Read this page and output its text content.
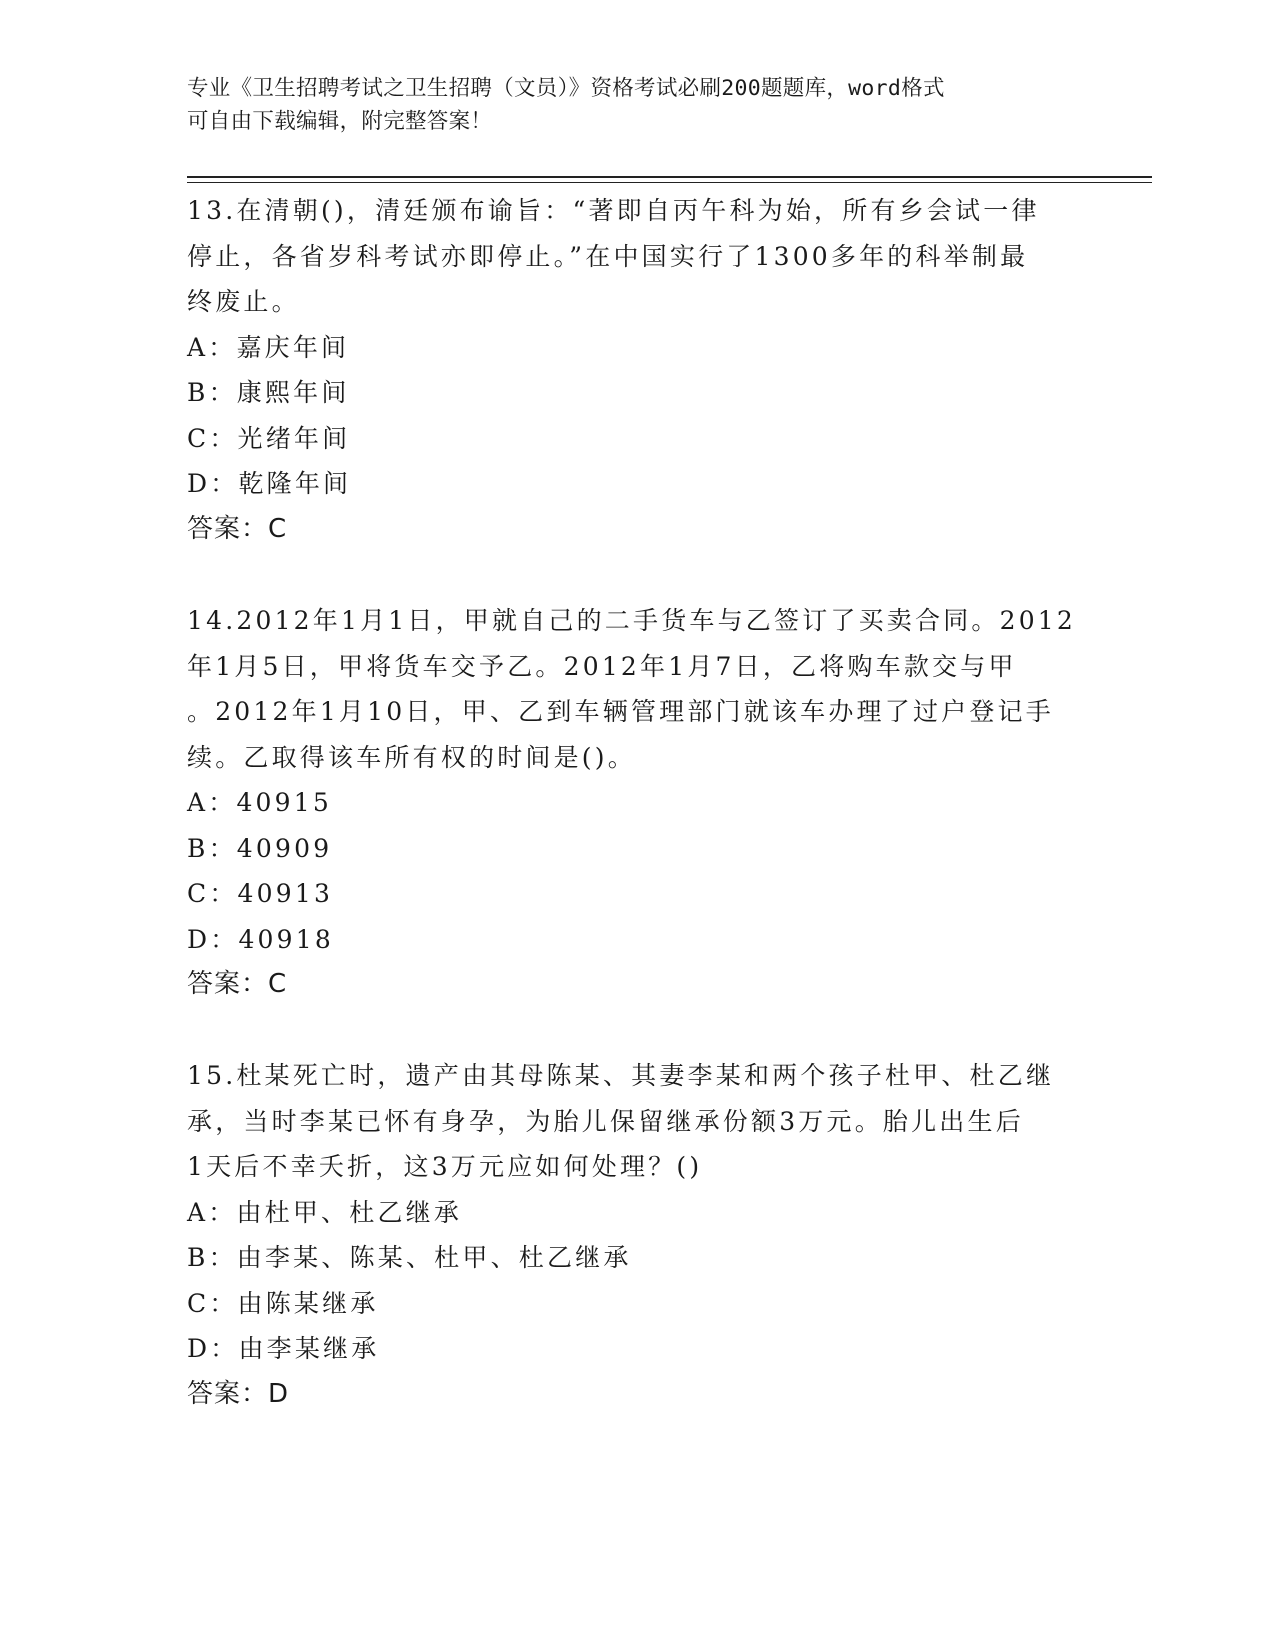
专业《卫生招聘考试之卫生招聘（文员）》资格考试必刷200题题库，word格式
可自由下载编辑，附完整答案！

13.在清朝()，清廷颁布谕旨：“著即自丙午科为始，所有乡会试一律

停止，各省岁科考试亦即停止。”在中国实行了1300多年的科举制最

终废止。

A：嘉庆年间

B：康熙年间

C：光绪年间

D：乾隆年间

答案：C

14.2012年1月1日，甲就自己的二手货车与乙签订了买卖合同。2012

年1月5日，甲将货车交予乙。2012年1月7日，乙将购车款交与甲

。2012年1月10日，甲、乙到车辆管理部门就该车办理了过户登记手

续。乙取得该车所有权的时间是()。

A：40915

B：40909

C：40913

D：40918

答案：C

15.杜某死亡时，遗产由其母陈某、其妻李某和两个孩子杜甲、杜乙继

承，当时李某已怀有身孕，为胎儿保留继承份额3万元。胎儿出生后

1天后不幸夭折，这3万元应如何处理？()

A：由杜甲、杜乙继承

B：由李某、陈某、杜甲、杜乙继承

C：由陈某继承

D：由李某继承

答案：D
